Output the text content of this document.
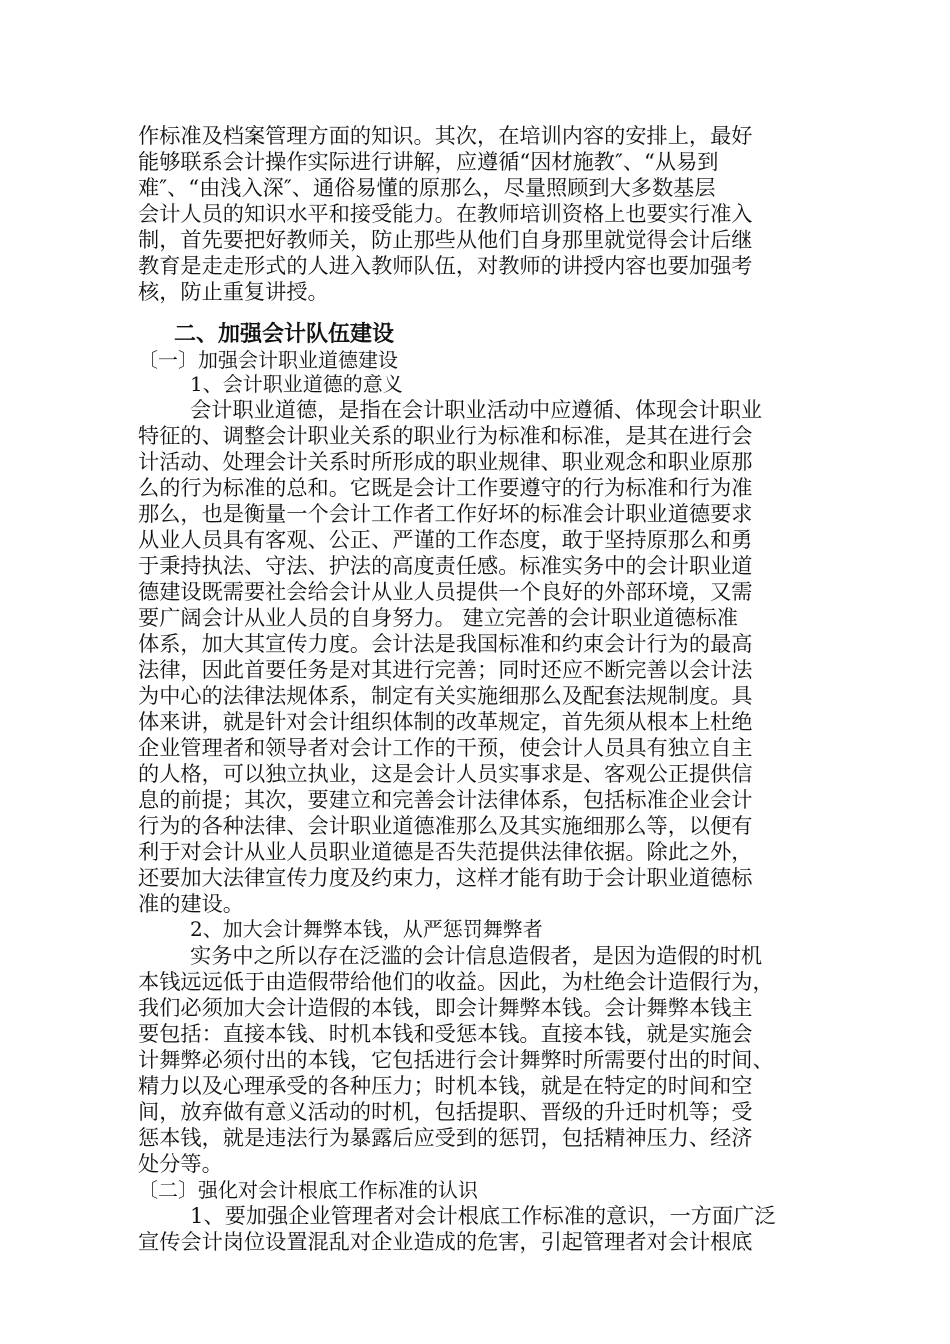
作标准及档案管理方面的知识。其次，在培训内容的安排上，最好
能够联系会计操作实际进行讲解，应遵循“因材施教″、“从易到
难″、“由浅入深″、通俗易懂的原那么，尽量照顾到大多数基层
会计人员的知识水平和接受能力。在教师培训资格上也要实行准入
制，首先要把好教师关，防止那些从他们自身那里就觉得会计后继
教育是走走形式的人进入教师队伍，对教师的讲授内容也要加强考
核，防止重复讲授。
二、加强会计队伍建设
〔一〕加强会计职业道德建设
1、会计职业道德的意义
会计职业道德，是指在会计职业活动中应遵循、体现会计职业
特征的、调整会计职业关系的职业行为标准和标准，是其在进行会
计活动、处理会计关系时所形成的职业规律、职业观念和职业原那
么的行为标准的总和。它既是会计工作要遵守的行为标准和行为准
那么，也是衡量一个会计工作者工作好坏的标准会计职业道德要求
从业人员具有客观、公正、严谨的工作态度，敢于坚持原那么和勇
于秉持执法、守法、护法的高度责任感。标准实务中的会计职业道
德建设既需要社会给会计从业人员提供一个良好的外部环境，又需
要广阔会计从业人员的自身努力。 建立完善的会计职业道德标准
体系，加大其宣传力度。会计法是我国标准和约束会计行为的最高
法律，因此首要任务是对其进行完善；同时还应不断完善以会计法
为中心的法律法规体系，制定有关实施细那么及配套法规制度。具
体来讲，就是针对会计组织体制的改革规定，首先须从根本上杜绝
企业管理者和领导者对会计工作的干预，使会计人员具有独立自主
的人格，可以独立执业，这是会计人员实事求是、客观公正提供信
息的前提；其次，要建立和完善会计法律体系，包括标准企业会计
行为的各种法律、会计职业道德准那么及其实施细那么等，以便有
利于对会计从业人员职业道德是否失范提供法律依据。除此之外，
还要加大法律宣传力度及约束力，这样才能有助于会计职业道德标
准的建设。
2、加大会计舞弊本钱，从严惩罚舞弊者
实务中之所以存在泛滥的会计信息造假者，是因为造假的时机
本钱远远低于由造假带给他们的收益。因此，为杜绝会计造假行为，
我们必须加大会计造假的本钱，即会计舞弊本钱。会计舞弊本钱主
要包括：直接本钱、时机本钱和受惩本钱。直接本钱，就是实施会
计舞弊必须付出的本钱，它包括进行会计舞弊时所需要付出的时间、
精力以及心理承受的各种压力；时机本钱，就是在特定的时间和空
间，放弃做有意义活动的时机，包括提职、晋级的升迁时机等；受
惩本钱，就是违法行为暴露后应受到的惩罚，包括精神压力、经济
处分等。
〔二〕强化对会计根底工作标准的认识
1、要加强企业管理者对会计根底工作标准的意识，一方面广泛
宣传会计岗位设置混乱对企业造成的危害，引起管理者对会计根底
